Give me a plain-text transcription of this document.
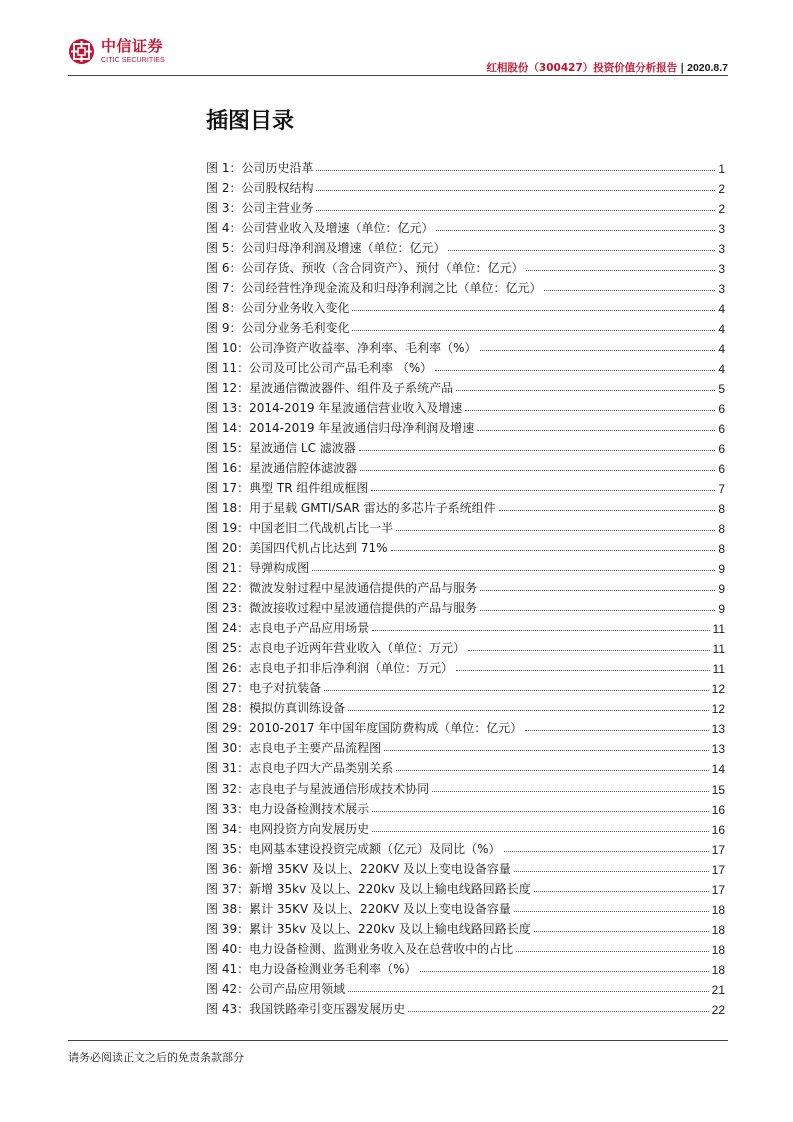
中信证券
CITIC SECURITIES
红相股份（300427）投资价值分析报告 | 2020.8.7
插图目录
图 1：公司历史沿革	1
图 2：公司股权结构	2
图 3：公司主营业务	2
图 4：公司营业收入及增速（单位：亿元）	3
图 5：公司归母净利润及增速（单位：亿元）	3
图 6：公司存货、预收（含合同资产）、预付（单位：亿元）	3
图 7：公司经营性净现金流及和归母净利润之比（单位：亿元）	3
图 8：公司分业务收入变化	4
图 9：公司分业务毛利变化	4
图 10：公司净资产收益率、净利率、毛利率（%）	4
图 11：公司及可比公司产品毛利率 （%）	4
图 12：星波通信微波器件、组件及子系统产品	5
图 13：2014-2019 年星波通信营业收入及增速	6
图 14：2014-2019 年星波通信归母净利润及增速	6
图 15：星波通信 LC 滤波器	6
图 16：星波通信腔体滤波器	6
图 17：典型 TR 组件组成框图	7
图 18：用于星载 GMTI/SAR 雷达的多芯片子系统组件	8
图 19：中国老旧二代战机占比一半	8
图 20：美国四代机占比达到 71%	8
图 21：导弹构成图	9
图 22：微波发射过程中星波通信提供的产品与服务	9
图 23：微波接收过程中星波通信提供的产品与服务	9
图 24：志良电子产品应用场景	11
图 25：志良电子近两年营业收入（单位：万元）	11
图 26：志良电子扣非后净利润（单位：万元）	11
图 27：电子对抗装备	12
图 28：模拟仿真训练设备	12
图 29：2010-2017 年中国年度国防费构成（单位：亿元）	13
图 30：志良电子主要产品流程图	13
图 31：志良电子四大产品类别关系	14
图 32：志良电子与星波通信形成技术协同	15
图 33：电力设备检测技术展示	16
图 34：电网投资方向发展历史	16
图 35：电网基本建设投资完成额（亿元）及同比（%）	17
图 36：新增 35KV 及以上、220KV 及以上变电设备容量	17
图 37：新增 35kv 及以上、220kv 及以上输电线路回路长度	17
图 38：累计 35KV 及以上、220KV 及以上变电设备容量	18
图 39：累计 35kv 及以上、220kv 及以上输电线路回路长度	18
图 40：电力设备检测、监测业务收入及在总营收中的占比	18
图 41：电力设备检测业务毛利率（%）	18
图 42：公司产品应用领域	21
图 43：我国铁路牵引变压器发展历史	22
请务必阅读正文之后的免责条款部分
